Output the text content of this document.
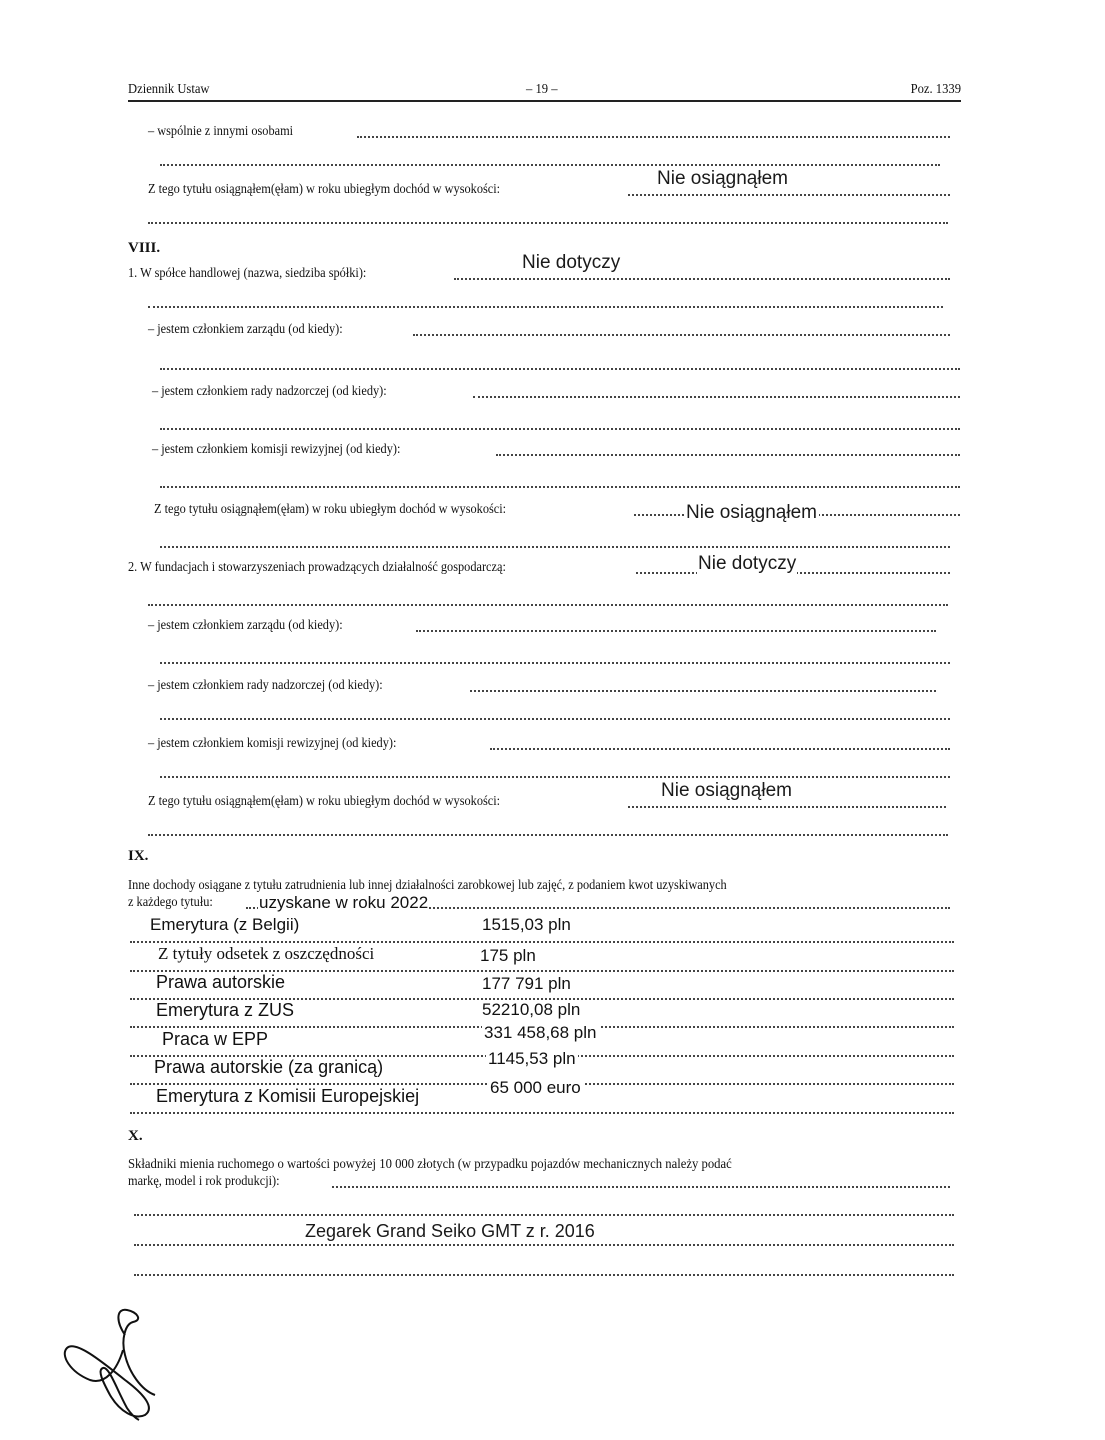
Dziennik Ustaw	– 19 –	Poz. 1339
– wspólnie z innymi osobami
Z tego tytułu osiągnąłem(ęłam) w roku ubiegłym dochód w wysokości:
Nie osiągnąłem
VIII.
1. W spółce handlowej (nazwa, siedziba spółki):
Nie dotyczy
– jestem członkiem zarządu (od kiedy):
– jestem członkiem rady nadzorczej (od kiedy):
– jestem członkiem komisji rewizyjnej (od kiedy):
Z tego tytułu osiągnąłem(ęłam) w roku ubiegłym dochód w wysokości:	Nie osiągnąłem
2. W fundacjach i stowarzyszeniach prowadzących działalność gospodarczą:	Nie dotyczy
– jestem członkiem zarządu (od kiedy):
– jestem członkiem rady nadzorczej (od kiedy):
– jestem członkiem komisji rewizyjnej (od kiedy):
Z tego tytułu osiągnąłem(ęłam) w roku ubiegłym dochód w wysokości:
Nie osiągnąłem
IX.
Inne dochody osiągane z tytułu zatrudnienia lub innej działalności zarobkowej lub zajęć, z podaniem kwot uzyskiwanych
z każdego tytułu:	uzyskane w roku 2022
Emerytura (z Belgii)	1515,03 pln
Z tytuły odsetek z oszczędności	175 pln
Prawa autorskie	177 791 pln
Emerytura z ZUS	52210,08 pln
Praca w EPP	331 458,68 pln
Prawa autorskie (za granicą)	1145,53 pln
Emerytura z Komisii Europejskiej	65 000 euro
X.
Składniki mienia ruchomego o wartości powyżej 10 000 złotych (w przypadku pojazdów mechanicznych należy podać
markę, model i rok produkcji):
Zegarek Grand Seiko GMT z r. 2016
